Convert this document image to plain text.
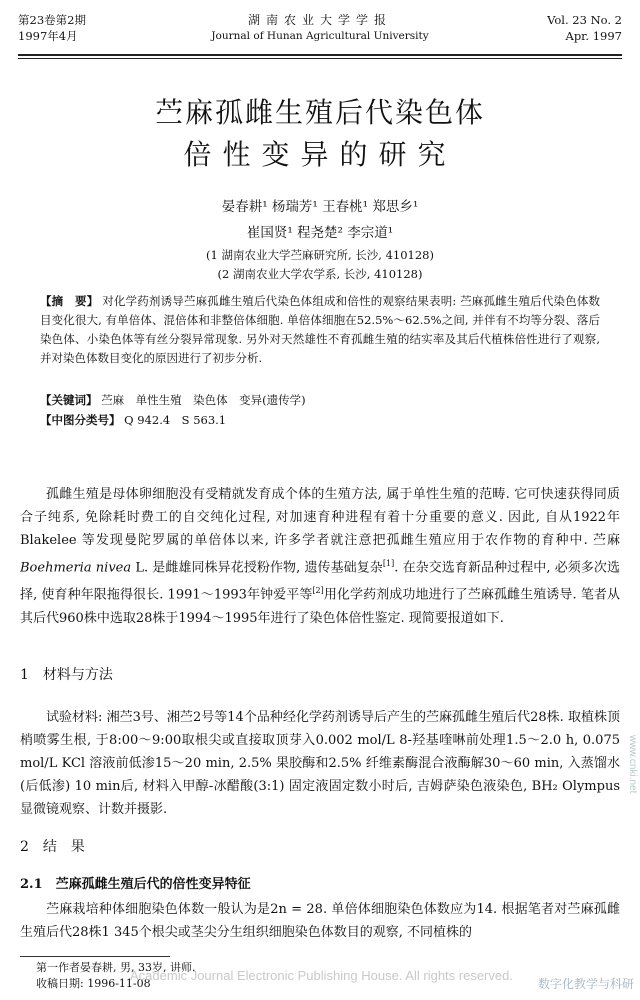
第23卷第2期
1997年4月
湖南农业大学学报
Journal of Hunan Agricultural University
Vol. 23 No. 2
Apr. 1997
苎麻孤雌生殖后代染色体
倍性变异的研究
晏春耕¹ 杨瑞芳¹ 王春桃¹ 郑思乡¹
崔国贤¹ 程尧楚² 李宗道¹
(1 湖南农业大学苎麻研究所, 长沙, 410128)
(2 湖南农业大学农学系, 长沙, 410128)
【摘　要】 对化学药剂诱导苎麻孤雌生殖后代染色体组成和倍性的观察结果表明: 苎麻孤雌生殖后代染色体数目变化很大, 有单倍体、混倍体和非整倍体细胞. 单倍体细胞在52.5%～62.5%之间, 并伴有不均等分裂、落后染色体、小染色体等有丝分裂异常现象. 另外对天然雄性不育孤雌生殖的结实率及其后代植株倍性进行了观察, 并对染色体数目变化的原因进行了初步分析.
【关键词】 苎麻　单性生殖　染色体　变异(遗传学)
【中图分类号】 Q 942.4　S 563.1
孤雌生殖是母体卵细胞没有受精就发育成个体的生殖方法, 属于单性生殖的范畴. 它可快速获得同质合子纯系, 免除耗时费工的自交纯化过程, 对加速育种进程有着十分重要的意义. 因此, 自从1922年 Blakelee 等发现曼陀罗属的单倍体以来, 许多学者就注意把孤雌生殖应用于农作物的育种中. 苎麻 Boehmeria nivea L. 是雌雄同株异花授粉作物, 遗传基础复杂[1]. 在杂交选育新品种过程中, 必须多次选择, 使育种年限拖得很长. 1991～1993年钟爱平等[2]用化学药剂成功地进行了苎麻孤雌生殖诱导. 笔者从其后代960株中选取28株于1994～1995年进行了染色体倍性鉴定. 现简要报道如下.
1　材料与方法
试验材料: 湘苎3号、湘苎2号等14个品种经化学药剂诱导后产生的苎麻孤雌生殖后代28株. 取植株顶梢喷雾生根, 于8:00～9:00取根尖或直接取顶芽入0.002 mol/L 8-羟基喹啉前处理1.5～2.0 h, 0.075 mol/L KCl 溶液前低渗15～20 min, 2.5% 果胶酶和2.5% 纤维素酶混合液酶解30～60 min, 入蒸馏水(后低渗) 10 min后, 材料入甲醇-冰醋酸(3:1) 固定液固定数小时后, 吉姆萨染色液染色, BH₂ Olympus 显微镜观察、计数并摄影.
2　结　果
2.1　苎麻孤雌生殖后代的倍性变异特征
苎麻栽培种体细胞染色体数一般认为是2n = 28. 单倍体细胞染色体数应为14. 根据笔者对苎麻孤雌生殖后代28株1 345个根尖或茎尖分生组织细胞染色体数目的观察, 不同植株的
第一作者晏春耕, 男, 33岁, 讲师.
收稿日期: 1996-11-08
Academic Journal Electronic Publishing House. All rights reserved.
www.cnki.net
数字化教学与科研
